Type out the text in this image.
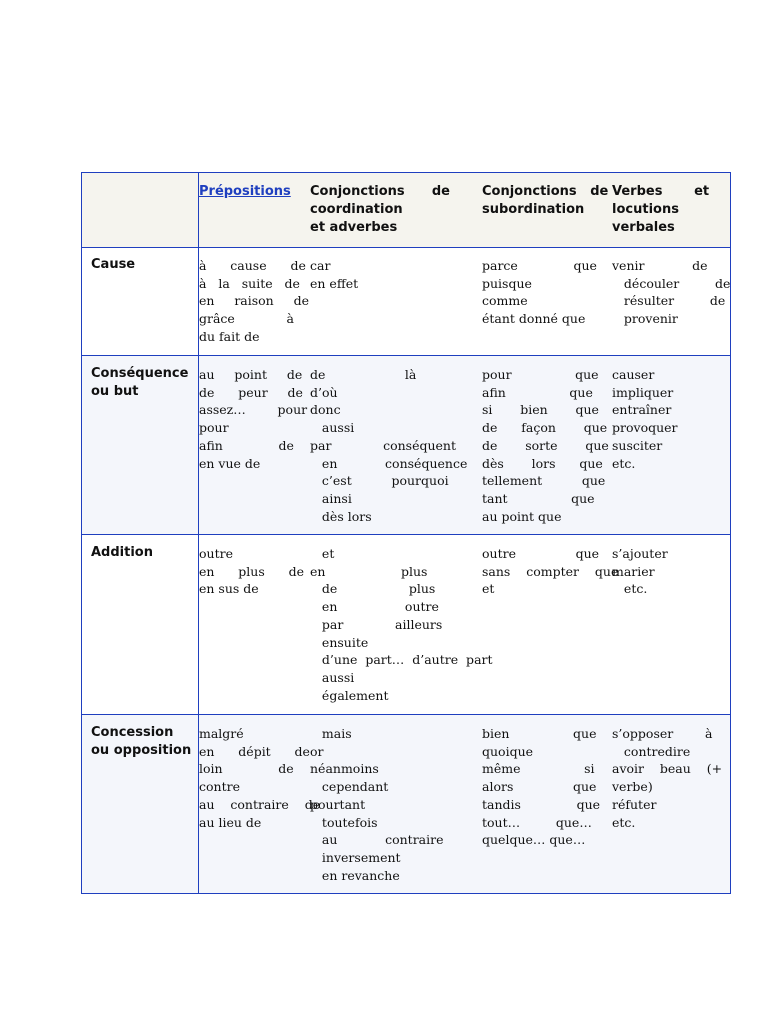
Prépositions Conjonctions      de
coordination
et adverbes
Conjonctions   de
subordination
Verbes       et
locutions
verbales
Cause	à      cause      de
à   la   suite   de
en     raison     de
grâce             à
du fait de
car
en effet
parce              que
puisque
comme
étant donné que
venir            de
découler         de
résulter         de
provenir
Conséquence
ou but
au     point     de
de      peur     de
assez…        pour
pour
afin              de
en vue de
de                    là
d’où
donc
aussi
par             conséquent
en            conséquence
c’est          pourquoi
ainsi
dès lors
pour                que
afin                que
si       bien       que
de      façon       que
de       sorte       que
dès       lors      que
tellement          que
tant                que
au point que
causer
impliquer
entraîner
provoquer
susciter
etc.
Addition	outre
en      plus      de
en sus de
et
en                   plus
de                  plus
en                 outre
par             ailleurs
ensuite
d’une  part…  d’autre  part
aussi
également
outre               que
sans    compter    que
et
s’ajouter
marier
etc.
Concession
ou opposition
malgré
en      dépit      de
loin              de
contre
au    contraire    de
au lieu de
mais
or
néanmoins
cependant
pourtant
toutefois
au            contraire
inversement
en revanche
bien                que
quoique
même                si
alors               que
tandis              que
tout…         que…
quelque… que…
s’opposer        à
contredire
avoir    beau    (+
verbe)
réfuter
etc.
